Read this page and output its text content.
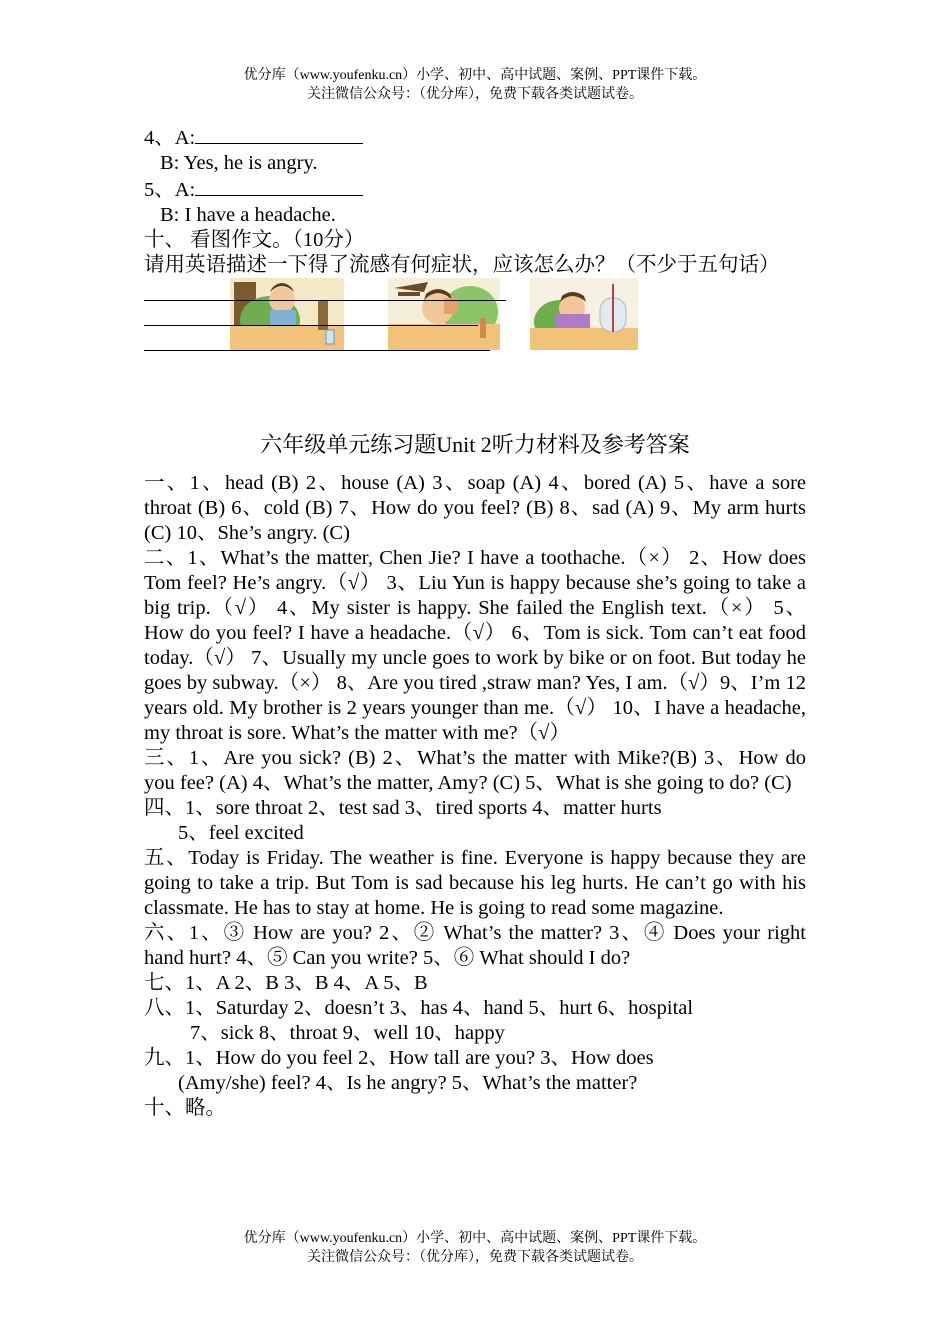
优分库（www.youfenku.cn）小学、初中、高中试题、案例、PPT课件下载。
关注微信公众号：（优分库），免费下载各类试题试卷。
4、A:
B: Yes, he is angry.
5、A:
B: I have a headache.
十、 看图作文。（10分）
请用英语描述一下得了流感有何症状，应该怎么办？（不少于五句话）
六年级单元练习题Unit 2听力材料及参考答案
一、1、head (B) 2、house (A) 3、soap (A) 4、bored (A) 5、have a sore throat (B) 6、cold (B) 7、How do you feel? (B) 8、sad (A) 9、My arm hurts (C) 10、She’s angry. (C)
二、1、What’s the matter, Chen Jie? I have a toothache.（×） 2、How does Tom feel? He’s angry.（√） 3、Liu Yun is happy because she’s going to take a big trip.（√） 4、My sister is happy. She failed the English text.（×） 5、How do you feel? I have a headache.（√） 6、Tom is sick. Tom can’t eat food today.（√） 7、Usually my uncle goes to work by bike or on foot. But today he goes by subway.（×） 8、Are you tired ,straw man? Yes, I am.（√）9、I’m 12 years old. My brother is 2 years younger than me.（√） 10、I have a headache, my throat is sore. What’s the matter with me?（√）
三、1、Are you sick? (B) 2、What’s the matter with Mike?(B) 3、How do you fee? (A) 4、What’s the matter, Amy? (C) 5、What is she going to do? (C)
四、1、sore throat 2、test sad 3、tired sports 4、matter hurts
5、feel excited
五、Today is Friday. The weather is fine. Everyone is happy because they are going to take a trip. But Tom is sad because his leg hurts. He can’t go with his classmate. He has to stay at home. He is going to read some magazine.
六、1、③ How are you? 2、② What’s the matter? 3、④ Does your right hand hurt? 4、⑤ Can you write? 5、⑥ What should I do?
七、1、A 2、B 3、B 4、A 5、B
八、1、Saturday 2、doesn’t 3、has 4、hand 5、hurt 6、hospital
7、sick 8、throat 9、well 10、happy
九、1、How do you feel 2、How tall are you? 3、How does
(Amy/she) feel? 4、Is he angry? 5、What’s the matter?
十、略。
优分库（www.youfenku.cn）小学、初中、高中试题、案例、PPT课件下载。
关注微信公众号：（优分库），免费下载各类试题试卷。
